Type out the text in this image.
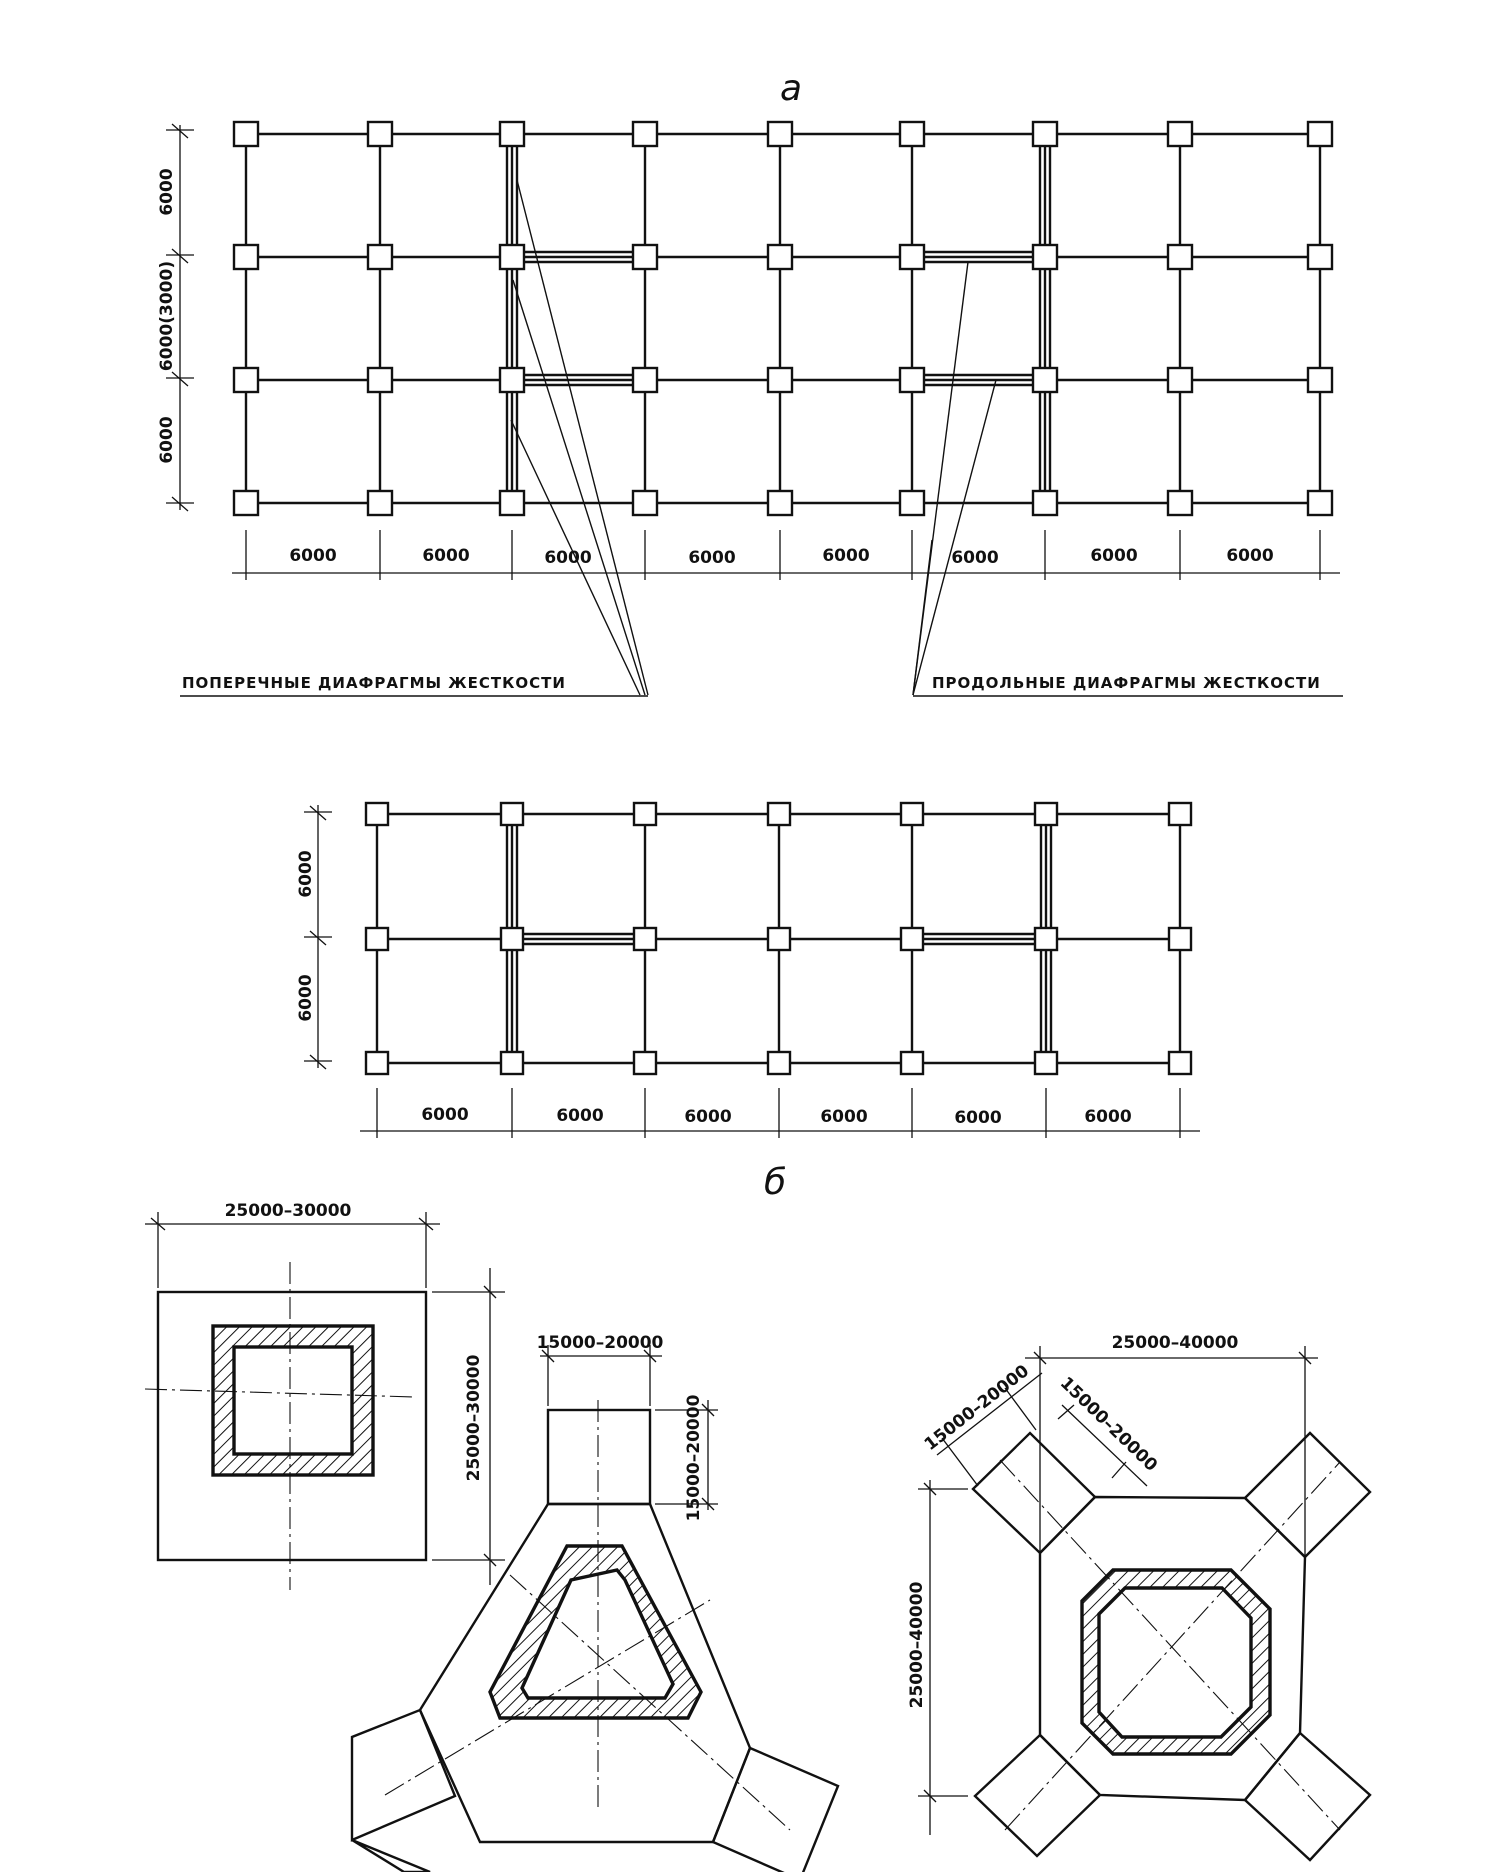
а
6000
6000(3000)
6000
6000	6000	6000	6000	6000	6000	6000	6000
ПОПЕРЕЧНЫЕ ДИАФРАГМЫ ЖЕСТКОСТИ	ПРОДОЛЬНЫЕ ДИАФРАГМЫ ЖЕСТКОСТИ
6000
6000
6000	6000	6000	6000	6000	6000
б
25000–30000
25000–30000
15000–20000
15000–20000
25000–40000
25000–40000
15000–20000 15000–20000
